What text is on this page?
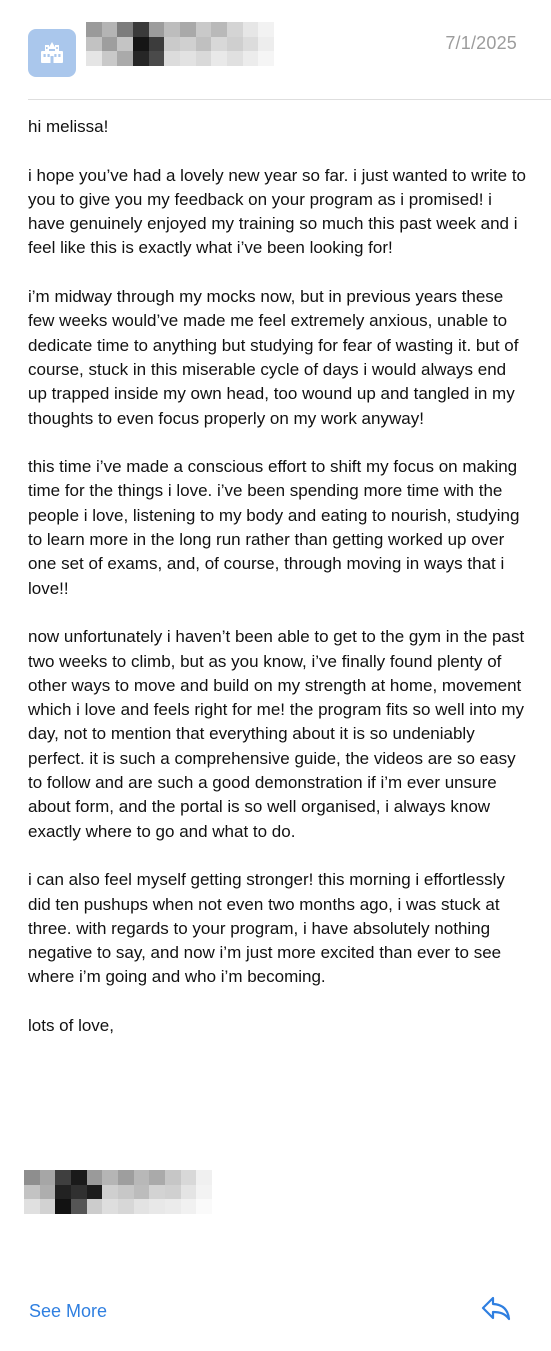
7/1/2025

hi melissa!

i hope you’ve had a lovely new year so far. i just wanted to write to you to give you my feedback on your program as i promised! i have genuinely enjoyed my training so much this past week and i feel like this is exactly what i’ve been looking for!

i’m midway through my mocks now, but in previous years these few weeks would’ve made me feel extremely anxious, unable to dedicate time to anything but studying for fear of wasting it. but of course, stuck in this miserable cycle of days i would always end up trapped inside my own head, too wound up and tangled in my thoughts to even focus properly on my work anyway!

this time i’ve made a conscious effort to shift my focus on making time for the things i love. i’ve been spending more time with the people i love, listening to my body and eating to nourish, studying to learn more in the long run rather than getting worked up over one set of exams, and, of course, through moving in ways that i love!!

now unfortunately i haven’t been able to get to the gym in the past two weeks to climb, but as you know, i’ve finally found plenty of other ways to move and build on my strength at home, movement which i love and feels right for me! the program fits so well into my day, not to mention that everything about it is so undeniably perfect. it is such a comprehensive guide, the videos are so easy to follow and are such a good demonstration if i’m ever unsure about form, and the portal is so well organised, i always know exactly where to go and what to do.

i can also feel myself getting stronger! this morning i effortlessly did ten pushups when not even two months ago, i was stuck at three. with regards to your program, i have absolutely nothing negative to say, and now i’m just more excited than ever to see where i’m going and who i’m becoming.

lots of love,

See More
